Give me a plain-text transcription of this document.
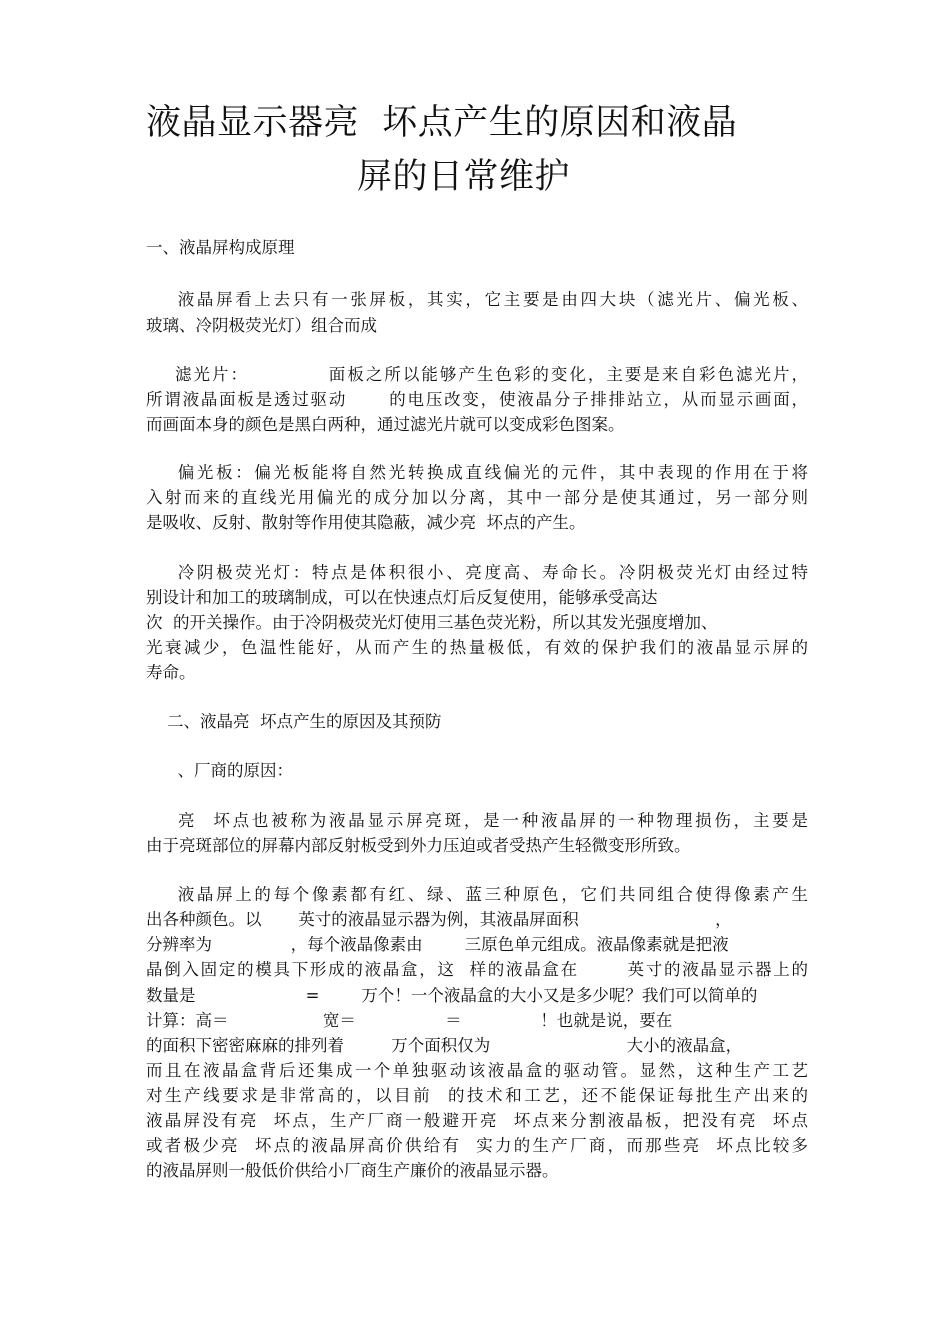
液晶显示器亮  坏点产生的原因和液晶
屏的日常维护
一、液晶屏构成原理
液晶屏看上去只有一张屏板，其实，它主要是由四大块（滤光片、偏光板、
玻璃、冷阴极荧光灯）组合而成
滤光片：           面板之所以能够产生色彩的变化，主要是来自彩色滤光片，
所谓液晶面板是透过驱动      的电压改变，使液晶分子排排站立，从而显示画面，
而画面本身的颜色是黑白两种，通过滤光片就可以变成彩色图案。
偏光板：偏光板能将自然光转换成直线偏光的元件，其中表现的作用在于将
入射而来的直线光用偏光的成分加以分离，其中一部分是使其通过，另一部分则
是吸收、反射、散射等作用使其隐蔽，减少亮  坏点的产生。
冷阴极荧光灯：特点是体积很小、亮度高、寿命长。冷阴极荧光灯由经过特
别设计和加工的玻璃制成，可以在快速点灯后反复使用，能够承受高达
次  的开关操作。由于冷阴极荧光灯使用三基色荧光粉，所以其发光强度增加、
光衰减少，色温性能好，从而产生的热量极低，有效的保护我们的液晶显示屏的
寿命。
二、液晶亮  坏点产生的原因及其预防
、厂商的原因：
亮  坏点也被称为液晶显示屏亮斑，是一种液晶屏的一种物理损伤，主要是
由于亮斑部位的屏幕内部反射板受到外力压迫或者受热产生轻微变形所致。
液晶屏上的每个像素都有红、绿、蓝三种原色，它们共同组合使得像素产生
出各种颜色。以       英寸的液晶显示器为例，其液晶屏面积                          ，
分辨率为               ，每个液晶像素由        三原色单元组成。液晶像素就是把液
晶倒入固定的模具下形成的液晶盒，这  样的液晶盒在       英寸的液晶显示器上的
数量是                     =        万个！一个液晶盒的大小又是多少呢？我们可以简单的
计算：高＝                  宽＝                 ＝               ！也就是说，要在
的面积下密密麻麻的排列着         万个面积仅为                          大小的液晶盒，
而且在液晶盒背后还集成一个单独驱动该液晶盒的驱动管。显然，这种生产工艺
对生产线要求是非常高的，以目前  的技术和工艺，还不能保证每批生产出来的
液晶屏没有亮  坏点，生产厂商一般避开亮  坏点来分割液晶板，把没有亮  坏点
或者极少亮  坏点的液晶屏高价供给有  实力的生产厂商，而那些亮  坏点比较多
的液晶屏则一般低价供给小厂商生产廉价的液晶显示器。
